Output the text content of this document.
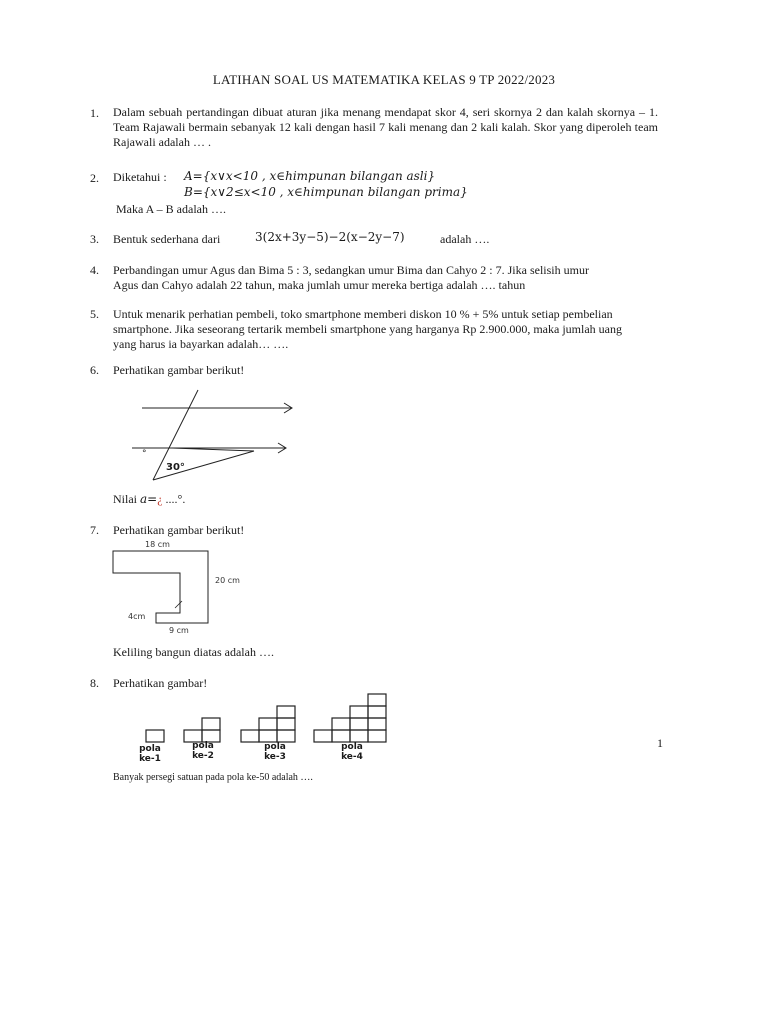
LATIHAN SOAL US MATEMATIKA KELAS 9 TP 2022/2023
1. Dalam sebuah pertandingan dibuat aturan jika menang mendapat skor 4, seri skornya 2 dan kalah skornya – 1. Team Rajawali bermain sebanyak 12 kali dengan hasil 7 kali menang dan 2 kali kalah. Skor yang diperoleh team Rajawali adalah … .
2. Diketahui : A={x∨x<10 , x∈himpunan bilangan asli}
B={x∨2≤x<10 , x∈himpunan bilangan prima}
Maka A – B adalah ….
3. Bentuk sederhana dari	3(2x+3y−5)−2(x−2y−7)	adalah ….
4. Perbandingan umur Agus dan Bima 5 : 3, sedangkan umur Bima dan Cahyo 2 : 7. Jika selisih umur
Agus dan Cahyo adalah 22 tahun, maka jumlah umur mereka bertiga adalah …. tahun
5. Untuk menarik perhatian pembeli, toko smartphone memberi diskon 10 % + 5% untuk setiap pembelian
smartphone. Jika seseorang tertarik membeli smartphone yang harganya Rp 2.900.000, maka jumlah uang
yang harus ia bayarkan adalah… ….
6. Perhatikan gambar berikut!
°
30°
Nilai a=¿ ....°.
7. Perhatikan gambar berikut!
18 cm
20 cm
4cm
9 cm
Keliling bangun diatas adalah ….
8. Perhatikan gambar!
pola
ke-1
pola
ke-2
pola
ke-3
pola
ke-4
Banyak persegi satuan pada pola ke-50 adalah ….
1
